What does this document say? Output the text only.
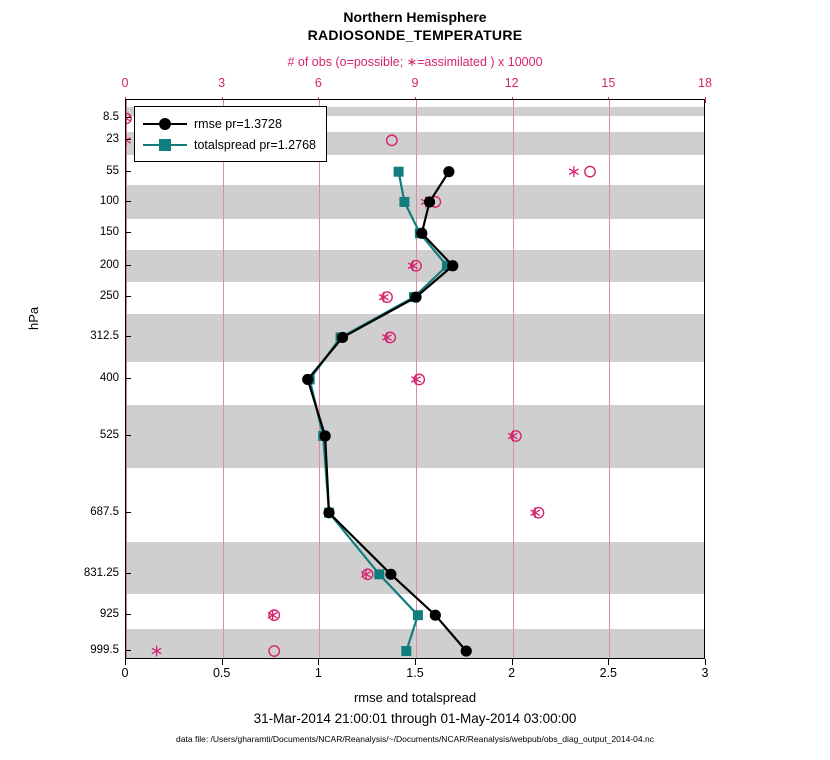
Northern Hemisphere
RADIOSONDE_TEMPERATURE
# of obs (o=possible; ∗=assimilated ) x 10000
0	3	6	9	12	15	18
8.5
23
55
100
150
200
250
312.5
400
525
687.5
831.25
925
999.5
hPa
0	0.5	1	1.5	2	2.5	3
rmse and totalspread
31-Mar-2014 21:00:01 through 01-May-2014 03:00:00
data file: /Users/gharamti/Documents/NCAR/Reanalysis/~/Documents/NCAR/Reanalysis/webpub/obs_diag_output_2014-04.nc
rmse pr=1.3728
totalspread pr=1.2768
